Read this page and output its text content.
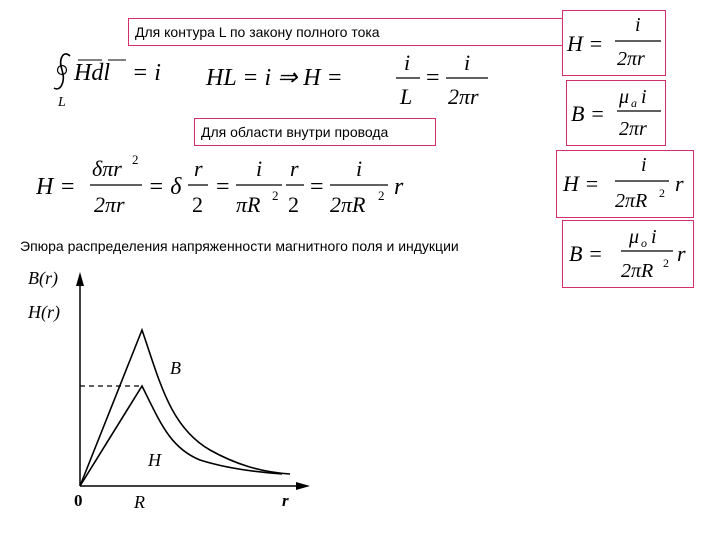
Для контура L по закону полного тока
Hdl = i
L
HL = i ⇒ H =
i
L
=
i
2πr
Для области внутри провода
H =
δπr 2
2πr
= δ
r
2
=
i
πR 2
r
2
=
i
2πR 2 r
H =
i
2πr
B =
μ a i
2πr
H =
i
2πR 2 r
B =
μ o i
2πR 2 r
Эпюра распределения напряженности магнитного поля и индукции
B(r)
H(r)
B
H
0	R	r
